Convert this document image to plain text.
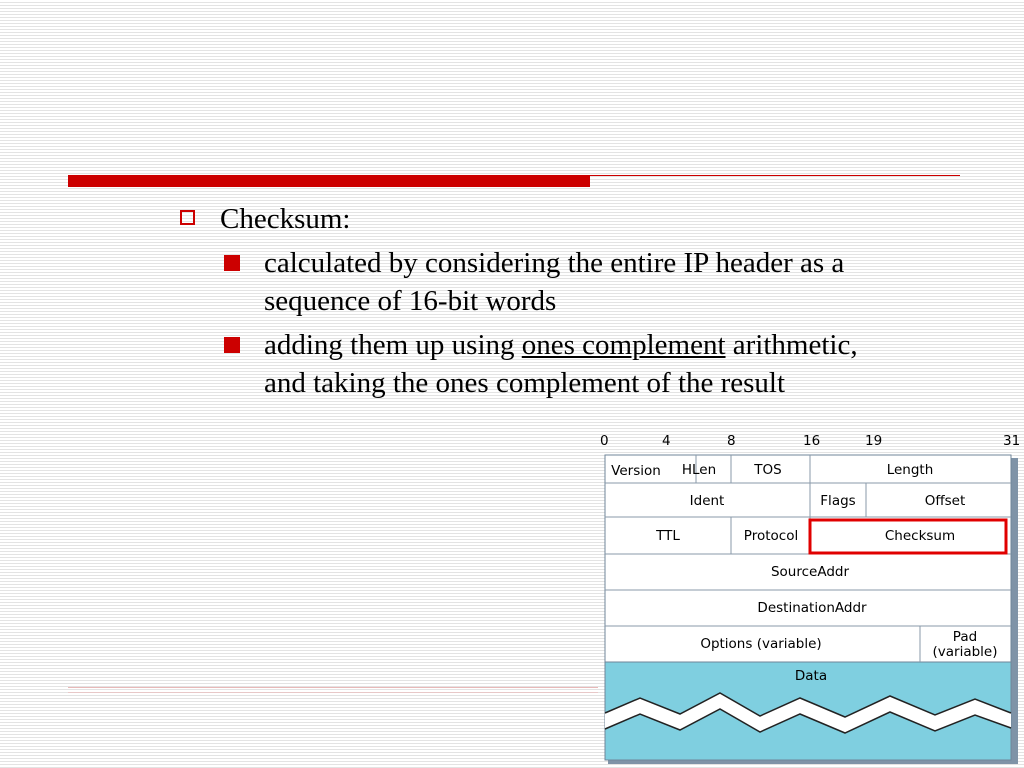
Checksum:
calculated by considering the entire IP header as a sequence of 16-bit words
adding them up using ones complement arithmetic, and taking the ones complement of the result
0	4	8	16	19	31
Version HLen	TOS	Length
Ident	Flags	Offset
TTL	Protocol	Checksum
SourceAddr
DestinationAddr
Options (variable)	Pad
(variable)
Data
